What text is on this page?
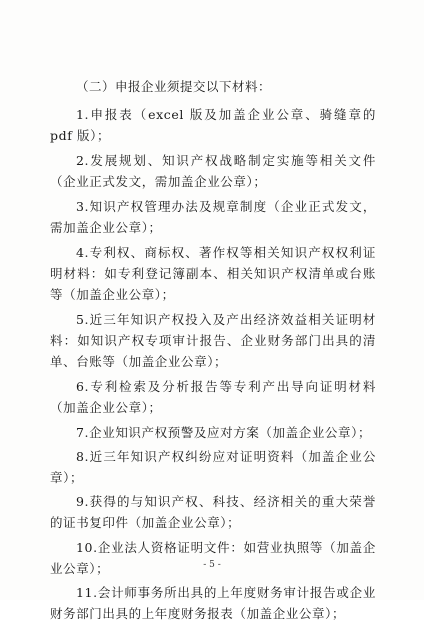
（二）申报企业须提交以下材料：

1.申报表（excel 版及加盖企业公章、骑缝章的 pdf 版）；

2.发展规划、知识产权战略制定实施等相关文件（企业正式发文，需加盖企业公章）；

3.知识产权管理办法及规章制度（企业正式发文，需加盖企业公章）；

4.专利权、商标权、著作权等相关知识产权权利证明材料：如专利登记簿副本、相关知识产权清单或台账等（加盖企业公章）；

5.近三年知识产权投入及产出经济效益相关证明材料：如知识产权专项审计报告、企业财务部门出具的清单、台账等（加盖企业公章）；

6.专利检索及分析报告等专利产出导向证明材料（加盖企业公章）；

7.企业知识产权预警及应对方案（加盖企业公章）；

8.近三年知识产权纠纷应对证明资料（加盖企业公章）；

9.获得的与知识产权、科技、经济相关的重大荣誉的证书复印件（加盖企业公章）；

10.企业法人资格证明文件：如营业执照等（加盖企业公章）；

11.会计师事务所出具的上年度财务审计报告或企业财务部门出具的上年度财务报表（加盖企业公章）；

- 5 -
